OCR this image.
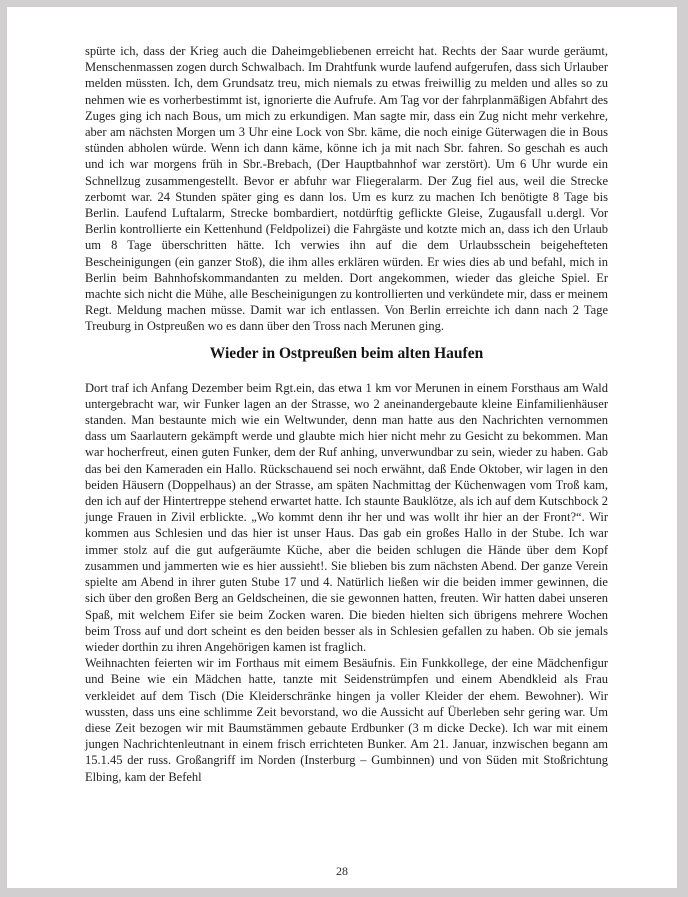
spürte ich, dass der Krieg auch die Daheimgebliebenen erreicht hat. Rechts der Saar wurde geräumt, Menschenmassen zogen durch Schwalbach. Im Drahtfunk wurde laufend aufgerufen, dass sich Urlauber melden müssten. Ich, dem Grundsatz treu, mich niemals zu etwas freiwillig zu melden und alles so zu nehmen wie es vorherbestimmt ist, ignorierte die Aufrufe. Am Tag vor der fahrplanmäßigen Abfahrt des Zuges ging ich nach Bous, um mich zu erkundigen. Man sagte mir, dass ein Zug nicht mehr verkehre, aber am nächsten Morgen um 3 Uhr eine Lock von Sbr. käme, die noch einige Güterwagen die in Bous stünden abholen würde. Wenn ich dann käme, könne ich ja mit nach Sbr. fahren. So geschah es auch und ich war morgens früh in Sbr.-Brebach, (Der Hauptbahnhof war zerstört). Um 6 Uhr wurde ein Schnellzug zusammengestellt. Bevor er abfuhr war Fliegeralarm. Der Zug fiel aus, weil die Strecke zerbomt war. 24 Stunden später ging es dann los. Um es kurz zu machen Ich benötigte 8 Tage bis Berlin. Laufend Luftalarm, Strecke bombardiert, notdürftig geflickte Gleise, Zugausfall u.dergl. Vor Berlin kontrollierte ein Kettenhund (Feldpolizei) die Fahrgäste und kotzte mich an, dass ich den Urlaub um 8 Tage überschritten hätte. Ich verwies ihn auf die dem Urlaubsschein beigehefteten Bescheinigungen (ein ganzer Stoß), die ihm alles erklären würden. Er wies dies ab und befahl, mich in Berlin beim Bahnhofskommandanten zu melden. Dort angekommen, wieder das gleiche Spiel. Er machte sich nicht die Mühe, alle Bescheinigungen zu kontrollierten und verkündete mir, dass er meinem Regt. Meldung machen müsse. Damit war ich entlassen. Von Berlin erreichte ich dann nach 2 Tage Treuburg in Ostpreußen wo es dann über den Tross nach Merunen ging.

Wieder in Ostpreußen beim alten Haufen

Dort traf ich Anfang Dezember beim Rgt.ein, das etwa 1 km vor Merunen in einem Forsthaus am Wald untergebracht war, wir Funker lagen an der Strasse, wo 2 aneinandergebaute kleine Einfamilienhäuser standen. Man bestaunte mich wie ein Weltwunder, denn man hatte aus den Nachrichten vernommen dass um Saarlautern gekämpft werde und glaubte mich hier nicht mehr zu Gesicht zu bekommen. Man war hocherfreut, einen guten Funker, dem der Ruf anhing, unverwundbar zu sein, wieder zu haben. Gab das bei den Kameraden ein Hallo. Rückschauend sei noch erwähnt, daß Ende Oktober, wir lagen in den beiden Häusern (Doppelhaus) an der Strasse, am späten Nachmittag der Küchenwagen vom Troß kam, den ich auf der Hintertreppe stehend erwartet hatte. Ich staunte Bauklötze, als ich auf dem Kutschbock 2 junge Frauen in Zivil erblickte. „Wo kommt denn ihr her und was wollt ihr hier an der Front?“. Wir kommen aus Schlesien und das hier ist unser Haus. Das gab ein großes Hallo in der Stube. Ich war immer stolz auf die gut aufgeräumte Küche, aber die beiden schlugen die Hände über dem Kopf zusammen und jammerten wie es hier aussieht!. Sie blieben bis zum nächsten Abend. Der ganze Verein spielte am Abend in ihrer guten Stube 17 und 4. Natürlich ließen wir die beiden immer gewinnen, die sich über den großen Berg an Geldscheinen, die sie gewonnen hatten, freuten. Wir hatten dabei unseren Spaß, mit welchem Eifer sie beim Zocken waren. Die bieden hielten sich übrigens mehrere Wochen beim Tross auf und dort scheint es den beiden besser als in Schlesien gefallen zu haben. Ob sie jemals wieder dorthin zu ihren Angehörigen kamen ist fraglich.

Weihnachten feierten wir im Forthaus mit eimem Besäufnis. Ein Funkkollege, der eine Mädchenfigur und Beine wie ein Mädchen hatte, tanzte mit Seidenstrümpfen und einem Abendkleid als Frau verkleidet auf dem Tisch (Die Kleiderschränke hingen ja voller Kleider der ehem. Bewohner). Wir wussten, dass uns eine schlimme Zeit bevorstand, wo die Aussicht auf Überleben sehr gering war. Um diese Zeit bezogen wir mit Baumstämmen gebaute Erdbunker (3 m dicke Decke). Ich war mit einem jungen Nachrichtenleutnant in einem frisch errichteten Bunker. Am 21. Januar, inzwischen begann am 15.1.45 der russ. Großangriff im Norden (Insterburg – Gumbinnen) und von Süden mit Stoßrichtung Elbing, kam der Befehl

28
